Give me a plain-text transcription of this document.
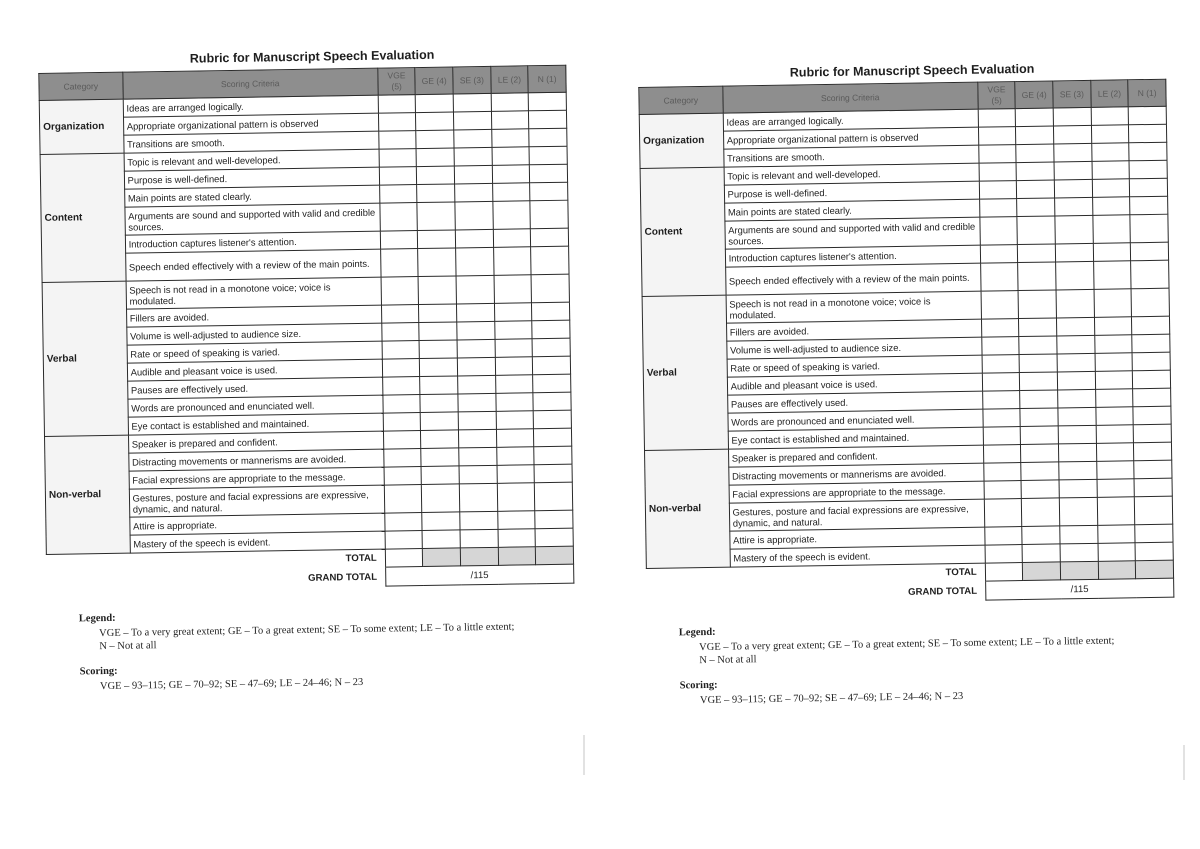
Rubric for Manuscript Speech Evaluation
Category	Scoring Criteria	VGE (5)	GE (4)	SE (3)	LE (2)	N (1)
Organization	Ideas are arranged logically.					
	Appropriate organizational pattern is observed					
	Transitions are smooth.					
Content	Topic is relevant and well-developed.					
	Purpose is well-defined.					
	Main points are stated clearly.					
	Arguments are sound and supported with valid and credible sources.					
	Introduction captures listener's attention.					
	Speech ended effectively with a review of the main points.					
Verbal	Speech is not read in a monotone voice; voice is modulated.					
	Fillers are avoided.					
	Volume is well-adjusted to audience size.					
	Rate or speed of speaking is varied.					
	Audible and pleasant voice is used.					
	Pauses are effectively used.					
	Words are pronounced and enunciated well.					
	Eye contact is established and maintained.					
Non-verbal	Speaker is prepared and confident.					
	Distracting movements or mannerisms are avoided.					
	Facial expressions are appropriate to the message.					
	Gestures, posture and facial expressions are expressive, dynamic, and natural.					
	Attire is appropriate.					
	Mastery of the speech is evident.					
TOTAL						
GRAND TOTAL		/115				
Legend:
VGE – To a very great extent; GE – To a great extent; SE – To some extent; LE – To a little extent;
N – Not at all
Scoring:
VGE – 93–115; GE – 70–92; SE – 47–69; LE – 24–46; N – 23
Rubric for Manuscript Speech Evaluation
Category	Scoring Criteria	VGE (5)	GE (4)	SE (3)	LE (2)	N (1)
Organization	Ideas are arranged logically.					
	Appropriate organizational pattern is observed					
	Transitions are smooth.					
Content	Topic is relevant and well-developed.					
	Purpose is well-defined.					
	Main points are stated clearly.					
	Arguments are sound and supported with valid and credible sources.					
	Introduction captures listener's attention.					
	Speech ended effectively with a review of the main points.					
Verbal	Speech is not read in a monotone voice; voice is modulated.					
	Fillers are avoided.					
	Volume is well-adjusted to audience size.					
	Rate or speed of speaking is varied.					
	Audible and pleasant voice is used.					
	Pauses are effectively used.					
	Words are pronounced and enunciated well.					
	Eye contact is established and maintained.					
Non-verbal	Speaker is prepared and confident.					
	Distracting movements or mannerisms are avoided.					
	Facial expressions are appropriate to the message.					
	Gestures, posture and facial expressions are expressive, dynamic, and natural.					
	Attire is appropriate.					
	Mastery of the speech is evident.					
TOTAL						
GRAND TOTAL		/115				
Legend:
VGE – To a very great extent; GE – To a great extent; SE – To some extent; LE – To a little extent;
N – Not at all
Scoring:
VGE – 93–115; GE – 70–92; SE – 47–69; LE – 24–46; N – 23
